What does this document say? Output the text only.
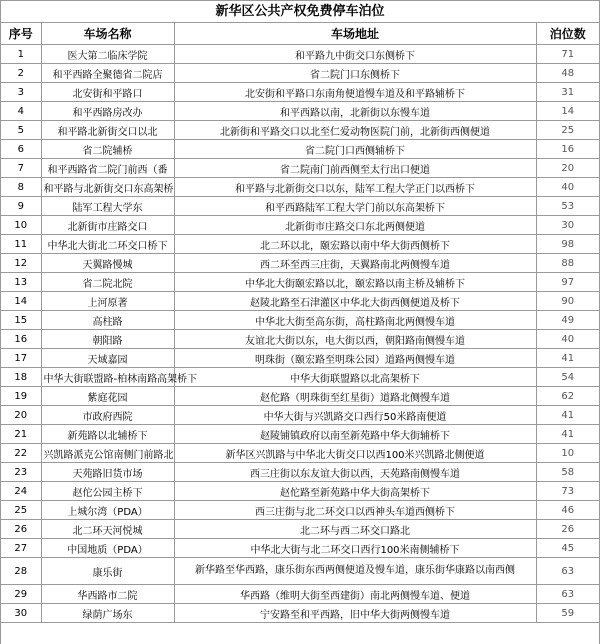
新华区公共产权免费停车泊位
序号	车场名称	车场地址	泊位数
1	医大第二临床学院	和平路九中街交口东侧桥下	71
2	和平西路全聚德省二院店	省二院门口东侧桥下	48
3	北安街和平路口	北安街和平路口东南角便道慢车道及和平路辅桥下	31
4	和平西路房改办	和平西路以南，北新街以东慢车道	14
5	和平路北新街交口以北	北新街和平路交口以北至仁爱动物医院门前，北新街西侧便道	25
6	省二院辅桥	省二院门口西侧辅桥下	16
7	和平西路省二院门前西（番	省二院南门前西侧至太行出口便道	20
8	和平路与北新街交口东高架桥	和平路与北新街交口以东，陆军工程大学正门以西桥下	40
9	陆军工程大学东	和平西路陆军工程大学门前以东高架桥下	53
10	北新街市庄路交口	北新街市庄路交口东北两侧便道	30
11	中华北大街北二环交口桥下	北二环以北，颐宏路以南中华大街西侧桥下	98
12	天翼路慢城	西二环至西三庄街，天翼路南北两侧慢车道	88
13	省二院北院	中华北大街颐宏路以北，颐宏路以南主桥及辅桥下	97
14	上河原著	赵陵北路至石津灌区中华北大街西侧便道及桥下	90
15	高柱路	中华北大街至高东街，高柱路南北两侧慢车道	49
16	朝阳路	友谊北大街以东，电大街以西，朝阳路南侧慢车道	40
17	天域嘉园	明珠街（颐宏路至明珠公园）道路两侧慢车道	41
18	中华大街联盟路-柏林南路高架桥下	中华大街联盟路以北高架桥下	54
19	紫庭花园	赵佗路（明珠街至红星街）道路北侧慢车道	62
20	市政府西院	中华大街与兴凯路交口西行50米路南便道	41
21	新苑路以北辅桥下	赵陵铺镇政府以南至新苑路中华大街辅桥下	41
22	兴凯路派克公馆南侧门前路北	新华区兴凯路与中华北大街交口以西100米兴凯路北侧便道	10
23	天苑路旧货市场	西三庄街以东友谊大街以西，天苑路南侧慢车道	58
24	赵佗公园主桥下	赵佗路至新苑路中华大街高架桥下	73
25	上城尔湾（PDA）	西三庄街与北二环交口以西神头车道西侧桥下	46
26	北二环天河悦城	北二环与西二环交口路北	26
27	中国地质（PDA）	中华北大街与北二环交口西行100米南侧辅桥下	45
28	康乐街	新华路至华西路，康乐街东西两侧便道及慢车道，康乐街华康路以南西侧	63
29	华西路市二院	华西路（维明大街至西建街）南北两侧慢车道、便道	63
30	绿荫广场东	宁安路至和平西路，旧中华大街两侧慢车道	59
